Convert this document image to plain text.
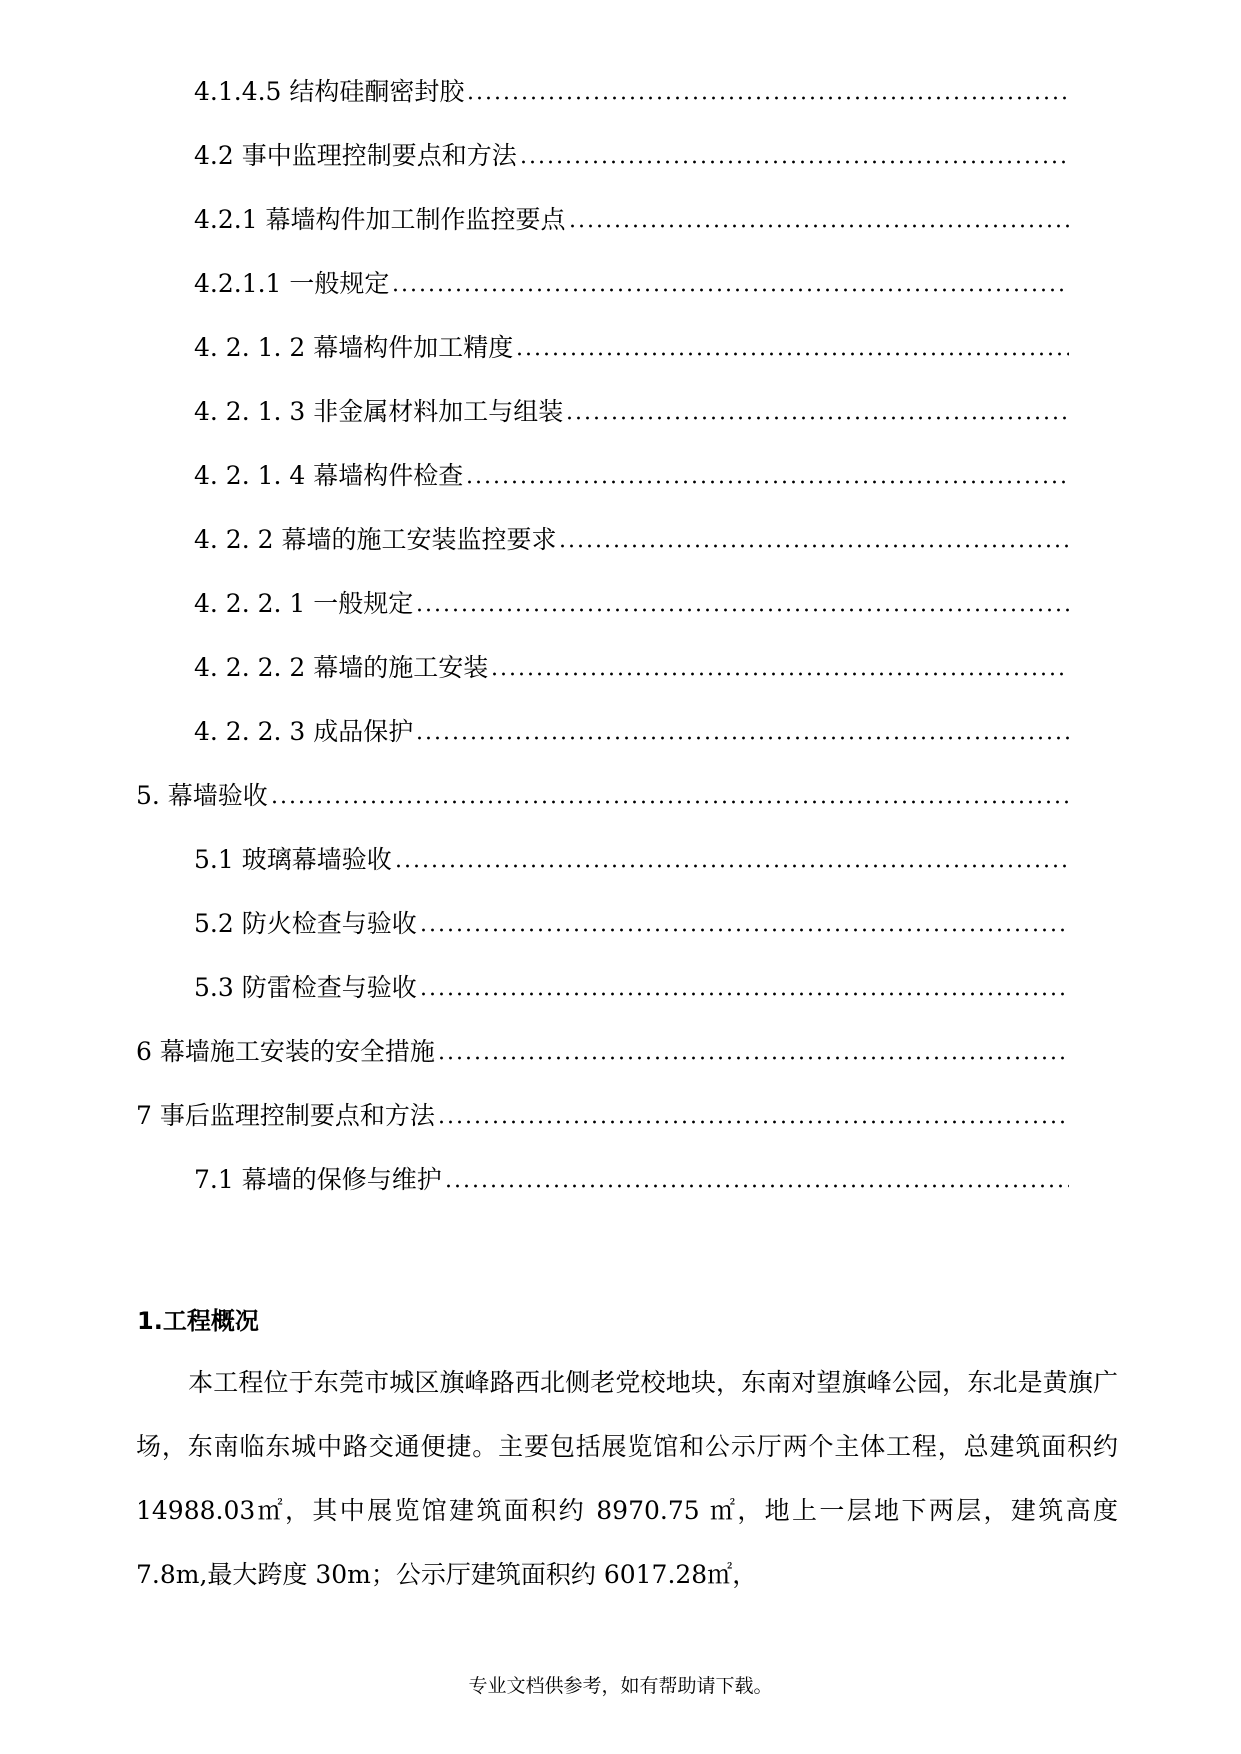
4.1.4.5 结构硅酮密封胶
4.2 事中监理控制要点和方法
4.2.1 幕墙构件加工制作监控要点
4.2.1.1 一般规定
4. 2. 1. 2 幕墙构件加工精度
4. 2. 1. 3 非金属材料加工与组装
4. 2. 1. 4 幕墙构件检查
4. 2. 2 幕墙的施工安装监控要求
4. 2. 2. 1 一般规定
4. 2. 2. 2 幕墙的施工安装
4. 2. 2. 3 成品保护
5. 幕墙验收
5.1 玻璃幕墙验收
5.2 防火检查与验收
5.3 防雷检查与验收
6 幕墙施工安装的安全措施
7 事后监理控制要点和方法
7.1 幕墙的保修与维护
1.工程概况

本工程位于东莞市城区旗峰路西北侧老党校地块，东南对望旗峰公园，东北是黄旗广场，东南临东城中路交通便捷。主要包括展览馆和公示厅两个主体工程，总建筑面积约 14988.03㎡，其中展览馆建筑面积约 8970.75 ㎡，地上一层地下两层，建筑高度 7.8m,最大跨度 30m；公示厅建筑面积约 6017.28㎡，

专业文档供参考，如有帮助请下载。
